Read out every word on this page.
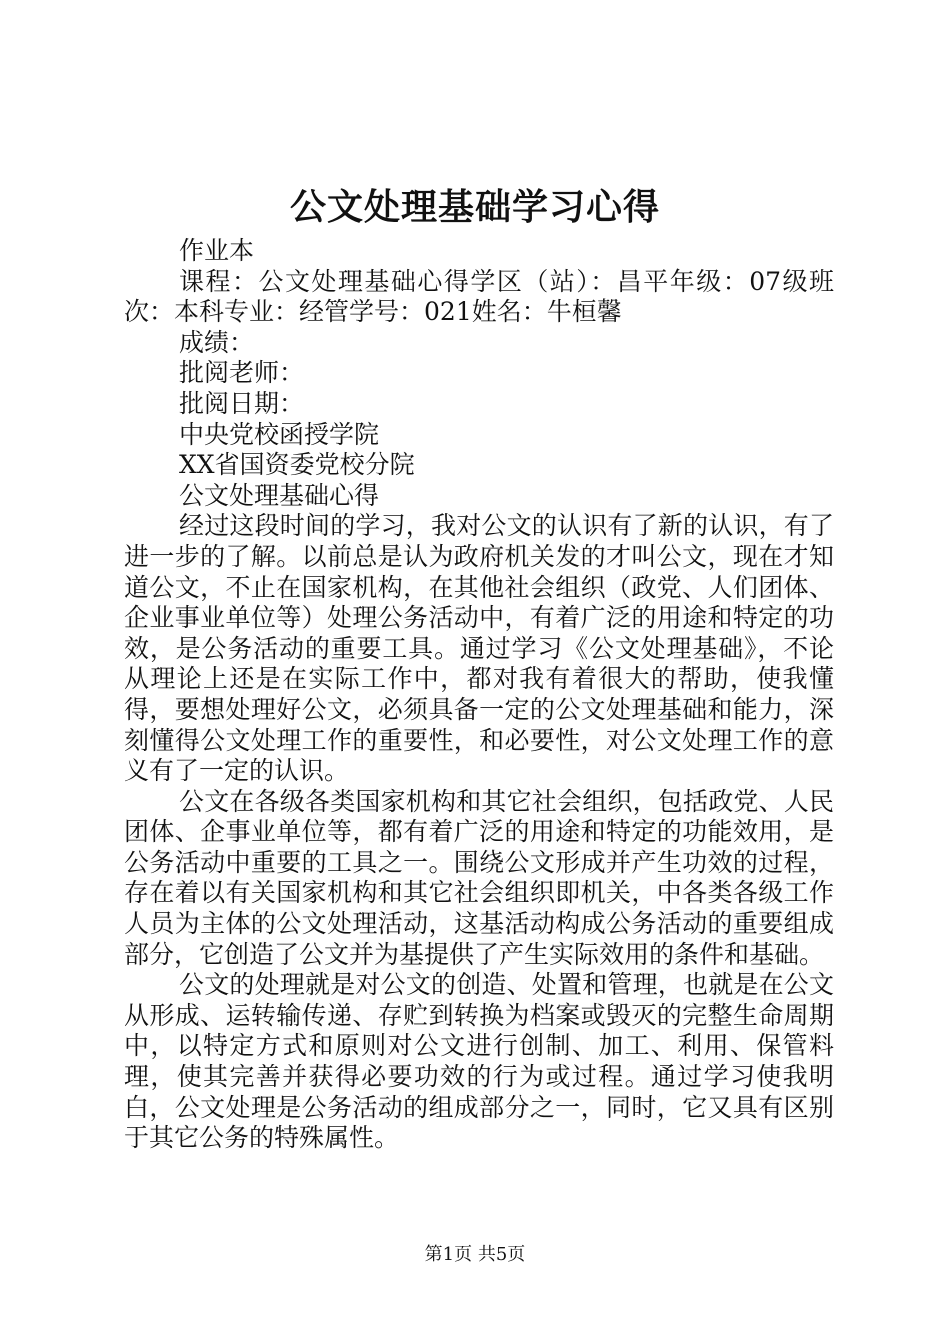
公文处理基础学习心得

作业本

课程：公文处理基础心得学区（站）：昌平年级：07级班次：本科专业：经管学号：021姓名：牛桓馨

成绩：

批阅老师：

批阅日期：

中央党校函授学院

XX省国资委党校分院

公文处理基础心得

经过这段时间的学习，我对公文的认识有了新的认识，有了进一步的了解。以前总是认为政府机关发的才叫公文，现在才知道公文，不止在国家机构，在其他社会组织（政党、人们团体、企业事业单位等）处理公务活动中，有着广泛的用途和特定的功效，是公务活动的重要工具。通过学习《公文处理基础》，不论从理论上还是在实际工作中，都对我有着很大的帮助，使我懂得，要想处理好公文，必须具备一定的公文处理基础和能力，深刻懂得公文处理工作的重要性，和必要性，对公文处理工作的意义有了一定的认识。

公文在各级各类国家机构和其它社会组织，包括政党、人民团体、企事业单位等，都有着广泛的用途和特定的功能效用，是公务活动中重要的工具之一。围绕公文形成并产生功效的过程，存在着以有关国家机构和其它社会组织即机关，中各类各级工作人员为主体的公文处理活动，这基活动构成公务活动的重要组成部分，它创造了公文并为基提供了产生实际效用的条件和基础。

公文的处理就是对公文的创造、处置和管理，也就是在公文从形成、运转输传递、存贮到转换为档案或毁灭的完整生命周期中，以特定方式和原则对公文进行创制、加工、利用、保管料理，使其完善并获得必要功效的行为或过程。通过学习使我明白，公文处理是公务活动的组成部分之一，同时，它又具有区别于其它公务的特殊属性。

第1页 共5页
